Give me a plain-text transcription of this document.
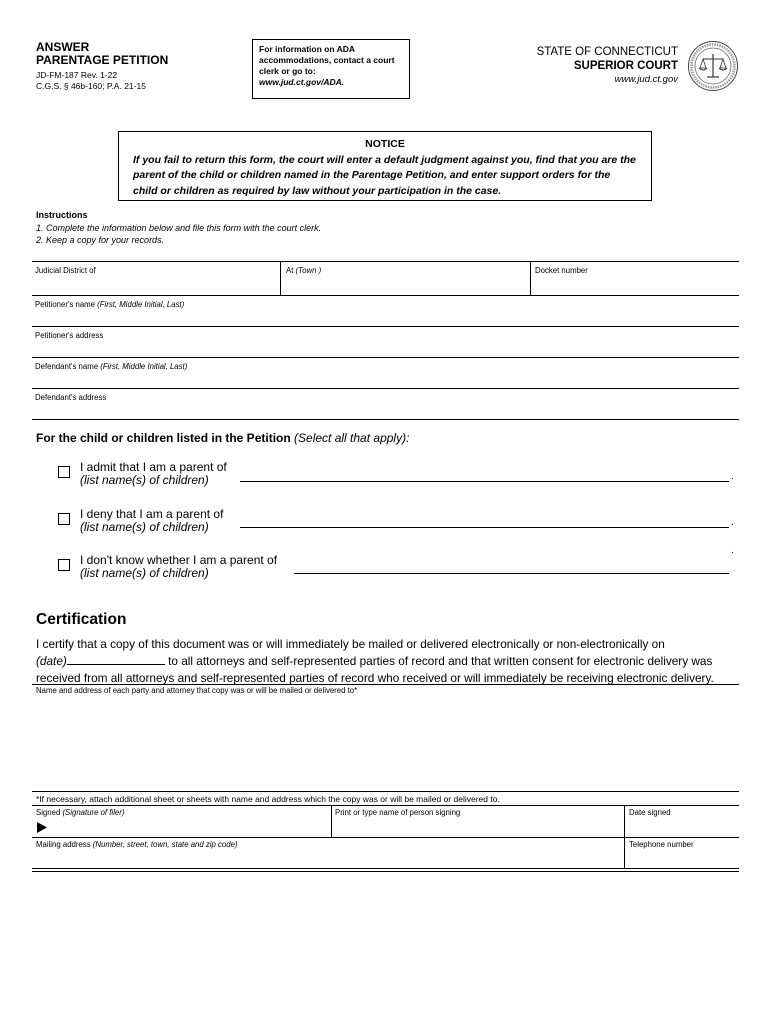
ANSWER
PARENTAGE PETITION
JD-FM-187 Rev. 1-22
C.G.S. § 46b-160; P.A. 21-15
For information on ADA accommodations, contact a court clerk or go to:
www.jud.ct.gov/ADA.
STATE OF CONNECTICUT
SUPERIOR COURT
www.jud.ct.gov
NOTICE
If you fail to return this form, the court will enter a default judgment against you, find that you are the parent of the child or children named in the Parentage Petition, and enter support orders for the child or children as required by law without your participation in the case.
Instructions
1. Complete the information below and file this form with the court clerk.
2. Keep a copy for your records.
Judicial District of	At (Town )	Docket number
Petitioner's name (First, Middle Initial, Last)
Petitioner's address
Defendant's name (First, Middle Initial, Last)
Defendant's address
For the child or children listed in the Petition (Select all that apply):
I admit that I am a parent of
(list name(s) of children)	.
I deny that I am a parent of
(list name(s) of children)	.
I don't know whether I am a parent of
(list name(s) of children)
.
Certification
I certify that a copy of this document was or will immediately be mailed or delivered electronically or non-electronically on
(date)	to all attorneys and self-represented parties of record and that written consent for electronic delivery was
received from all attorneys and self-represented parties of record who received or will immediately be receiving electronic delivery.
Name and address of each party and attorney that copy was or will be mailed or delivered to*
*If necessary, attach additional sheet or sheets with name and address which the copy was or will be mailed or delivered to.
Signed (Signature of filer)	Print or type name of person signing	Date signed
Mailing address (Number, street, town, state and zip code)	Telephone number
